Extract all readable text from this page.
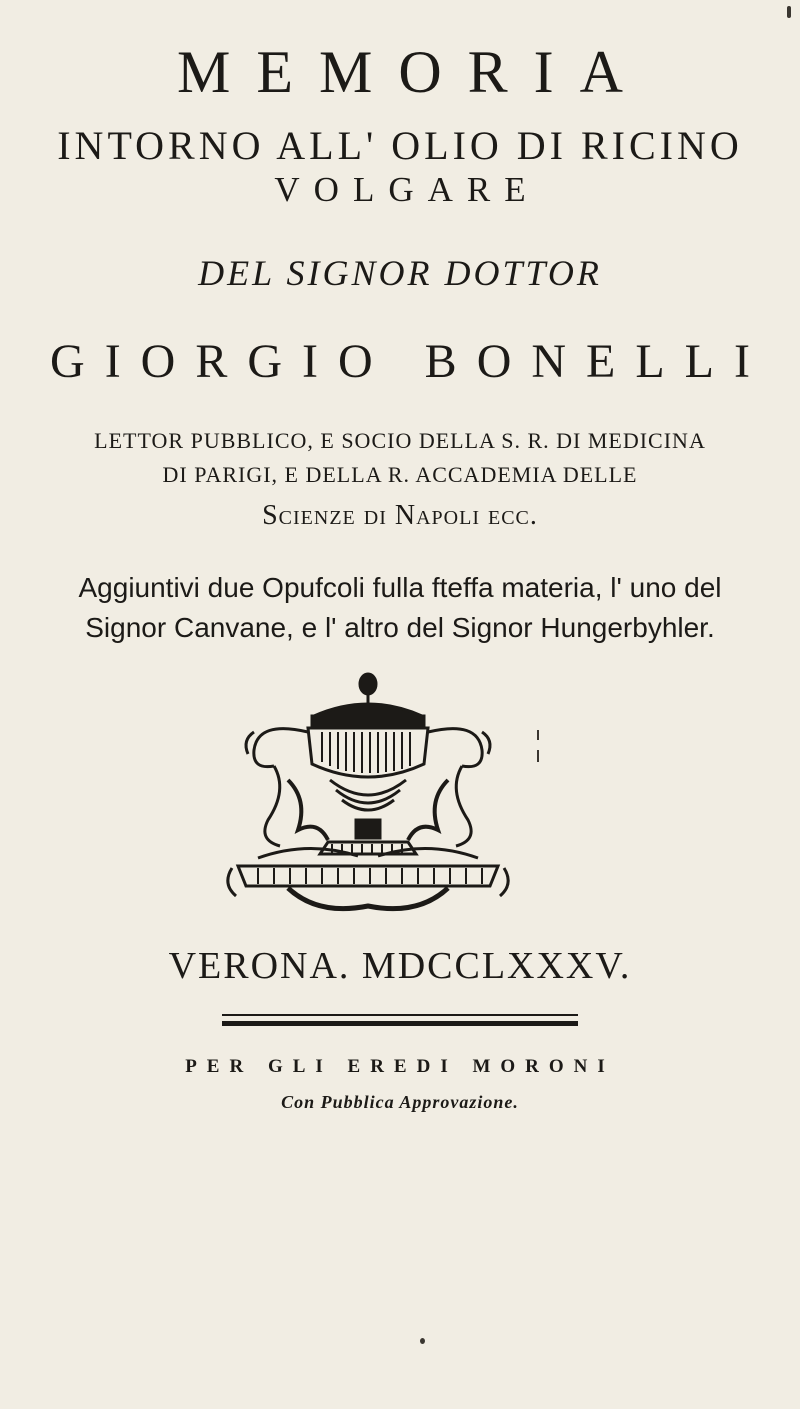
MEMORIA
INTORNO ALL' OLIO DI RICINO
VOLGARE
DEL SIGNOR DOTTOR
GIORGIO BONELLI
LETTOR PUBBLICO, E SOCIO DELLA S. R. DI MEDICINA
DI PARIGI, E DELLA R. ACCADEMIA DELLE
Scienze di Napoli ecc.
Aggiuntivi due Opufcoli fulla fteffa materia, l' uno del
Signor Canvane, e l' altro del Signor Hungerbyhler.
VERONA. MDCCLXXXV.
PER GLI EREDI MORONI
Con Pubblica Approvazione.
